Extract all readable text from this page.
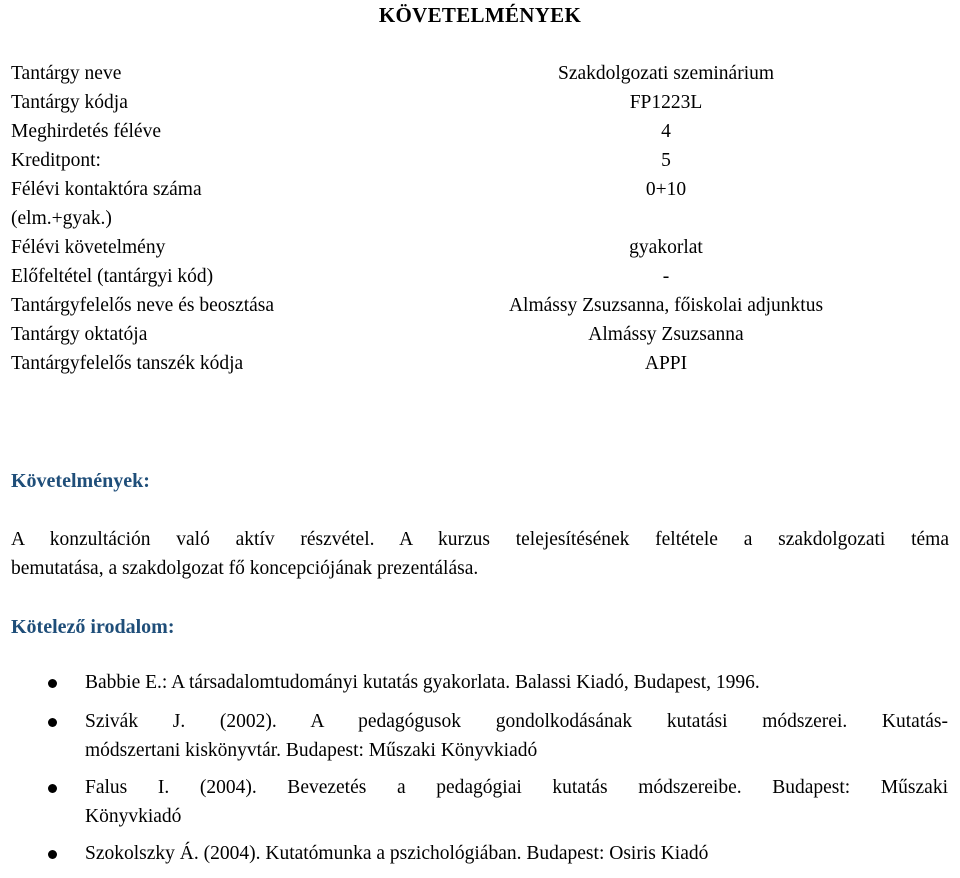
KÖVETELMÉNYEK
Tantárgy neve	Szakdolgozati szeminárium
Tantárgy kódja	FP1223L
Meghirdetés féléve	4
Kreditpont:	5

Félévi kontaktóra száma
(elm.+gyak.)	0+10
Félévi követelmény	gyakorlat
Előfeltétel (tantárgyi kód)	-
Tantárgyfelelős neve és beosztása	Almássy Zsuzsanna, főiskolai adjunktus
Tantárgy oktatója	Almássy Zsuzsanna
Tantárgyfelelős tanszék kódja	APPI
Követelmények:

A konzultáción való aktív részvétel. A kurzus telejesítésének feltétele a szakdolgozati téma
bemutatása, a szakdolgozat fő koncepciójának prezentálása.

Kötelező irodalom:
Babbie E.: A társadalomtudományi kutatás gyakorlata. Balassi Kiadó, Budapest, 1996.
Szivák J. (2002). A pedagógusok gondolkodásának kutatási módszerei. Kutatás-
módszertani kiskönyvtár. Budapest: Műszaki Könyvkiadó
Falus I. (2004). Bevezetés a pedagógiai kutatás módszereibe. Budapest: Műszaki
Könyvkiadó
Szokolszky Á. (2004). Kutatómunka a pszichológiában. Budapest: Osiris Kiadó
